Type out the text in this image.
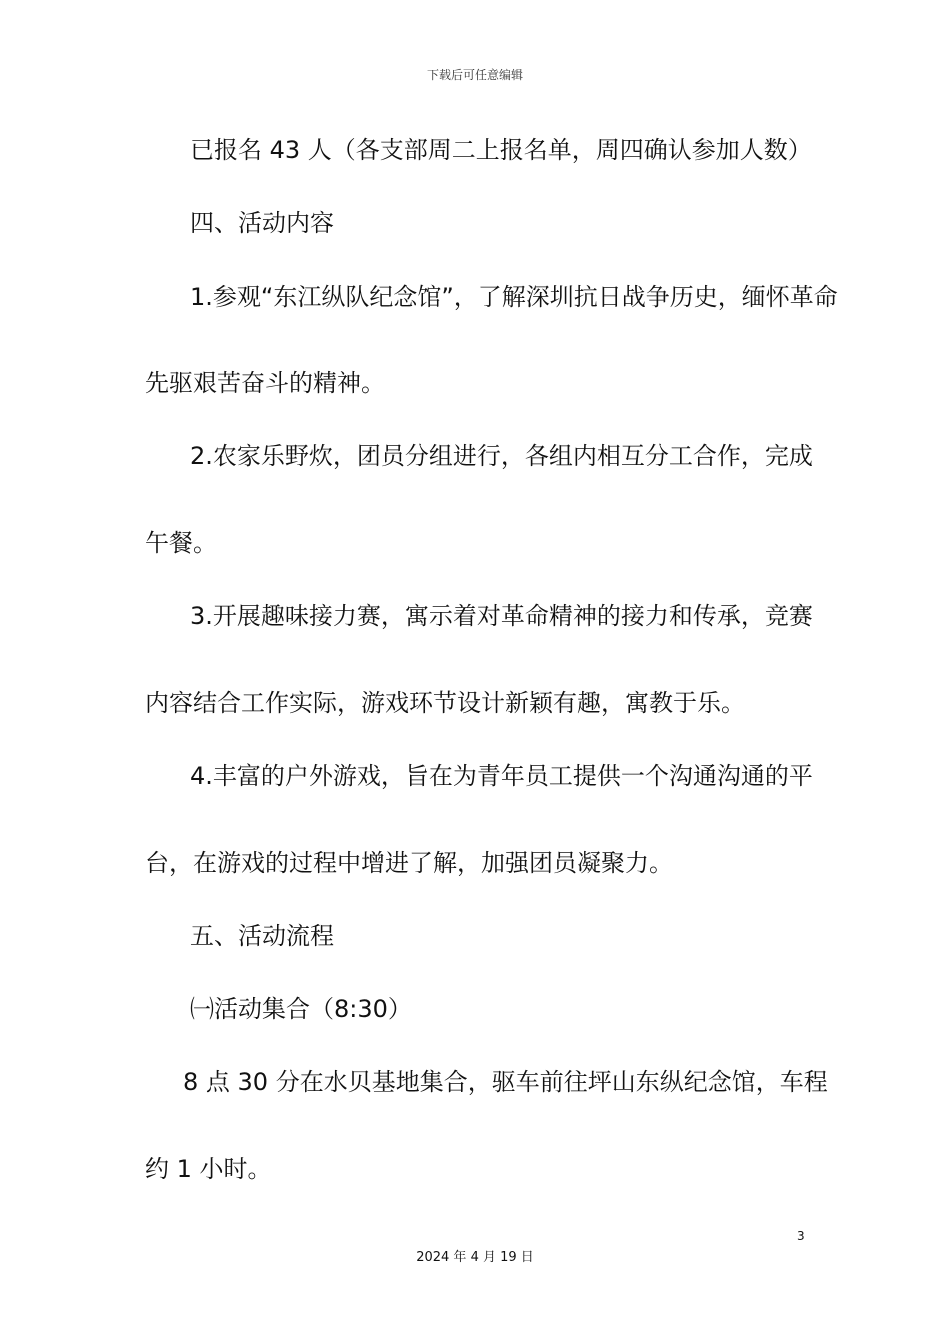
下载后可任意编辑
已报名 43 人（各支部周二上报名单，周四确认参加人数）
四、活动内容
1.参观“东江纵队纪念馆”，了解深圳抗日战争历史，缅怀革命
先驱艰苦奋斗的精神。
2.农家乐野炊，团员分组进行，各组内相互分工合作，完成
午餐。
3.开展趣味接力赛，寓示着对革命精神的接力和传承，竞赛
内容结合工作实际，游戏环节设计新颖有趣，寓教于乐。
4.丰富的户外游戏，旨在为青年员工提供一个沟通沟通的平
台，在游戏的过程中增进了解，加强团员凝聚力。
五、活动流程
㈠活动集合（8:30）
8 点 30 分在水贝基地集合，驱车前往坪山东纵纪念馆，车程
约 1 小时。
3
2024 年 4 月 19 日
